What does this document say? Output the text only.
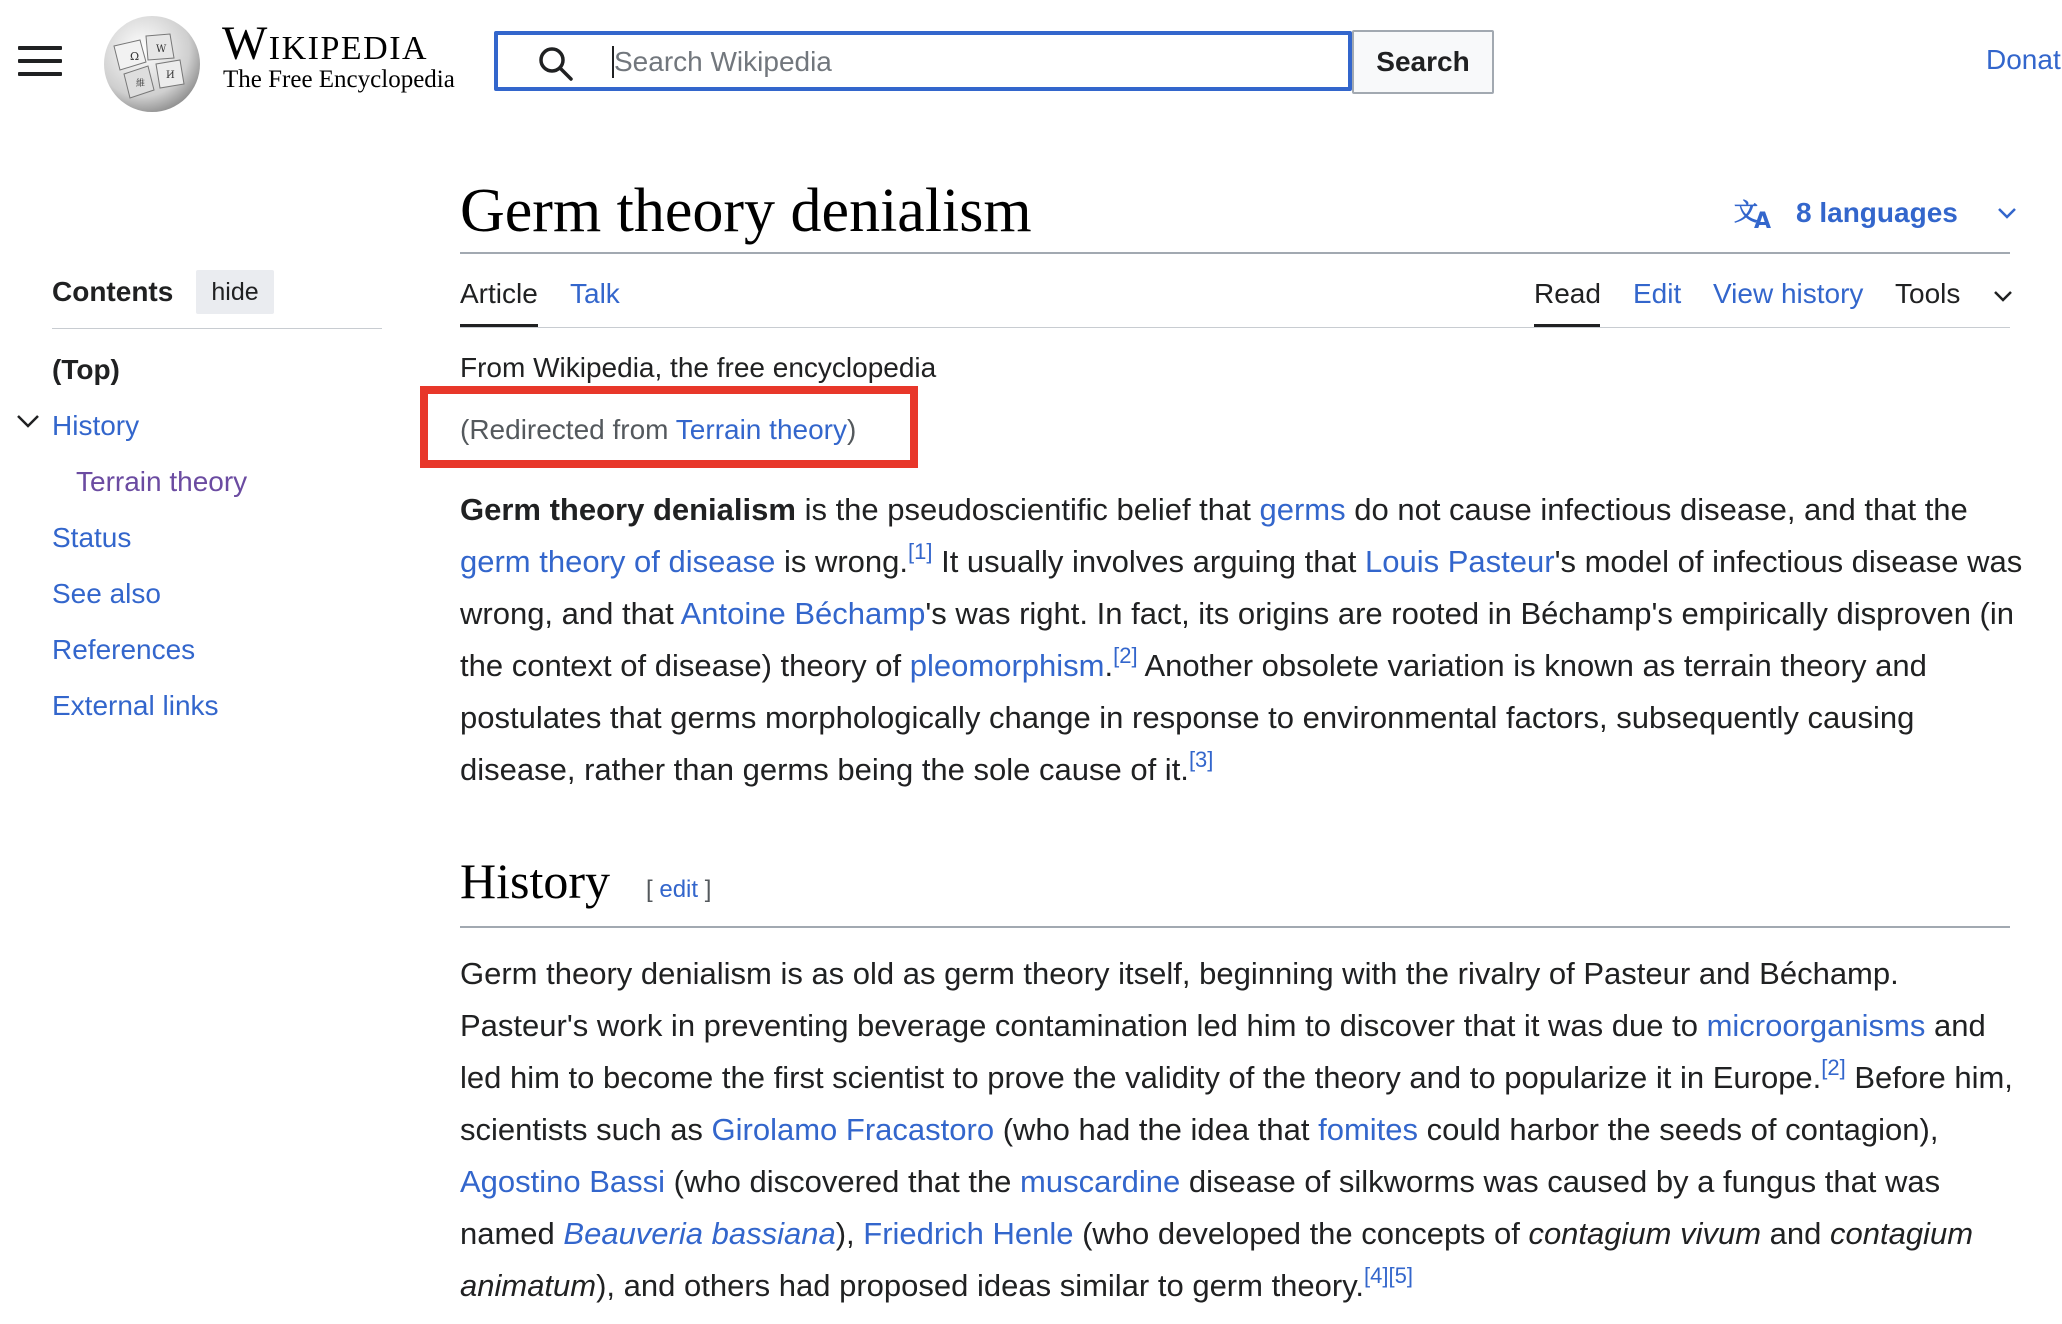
Ω
W
И
維
Wikipedia
The Free Encyclopedia
Search Wikipedia
Search	Donat
Germ theory denialism	文
A 8 languages
Article Talk	Read Edit View history Tools
Contents	hide
(Top)
History
Terrain theory
Status
See also
References
External links
From Wikipedia, the free encyclopedia
(Redirected from Terrain theory)
Germ theory denialism is the pseudoscientific belief that germs do not cause infectious disease, and that the germ theory of disease is wrong.[1] It usually involves arguing that Louis Pasteur's model of infectious disease was wrong, and that Antoine Béchamp's was right. In fact, its origins are rooted in Béchamp's empirically disproven (in the context of disease) theory of pleomorphism.[2] Another obsolete variation is known as terrain theory and postulates that germs morphologically change in response to environmental factors, subsequently causing disease, rather than germs being the sole cause of it.[3]
History [ edit ]
Germ theory denialism is as old as germ theory itself, beginning with the rivalry of Pasteur and Béchamp. Pasteur's work in preventing beverage contamination led him to discover that it was due to microorganisms and led him to become the first scientist to prove the validity of the theory and to popularize it in Europe.[2] Before him, scientists such as Girolamo Fracastoro (who had the idea that fomites could harbor the seeds of contagion), Agostino Bassi (who discovered that the muscardine disease of silkworms was caused by a fungus that was named Beauveria bassiana), Friedrich Henle (who developed the concepts of contagium vivum and contagium animatum), and others had proposed ideas similar to germ theory.[4][5]
